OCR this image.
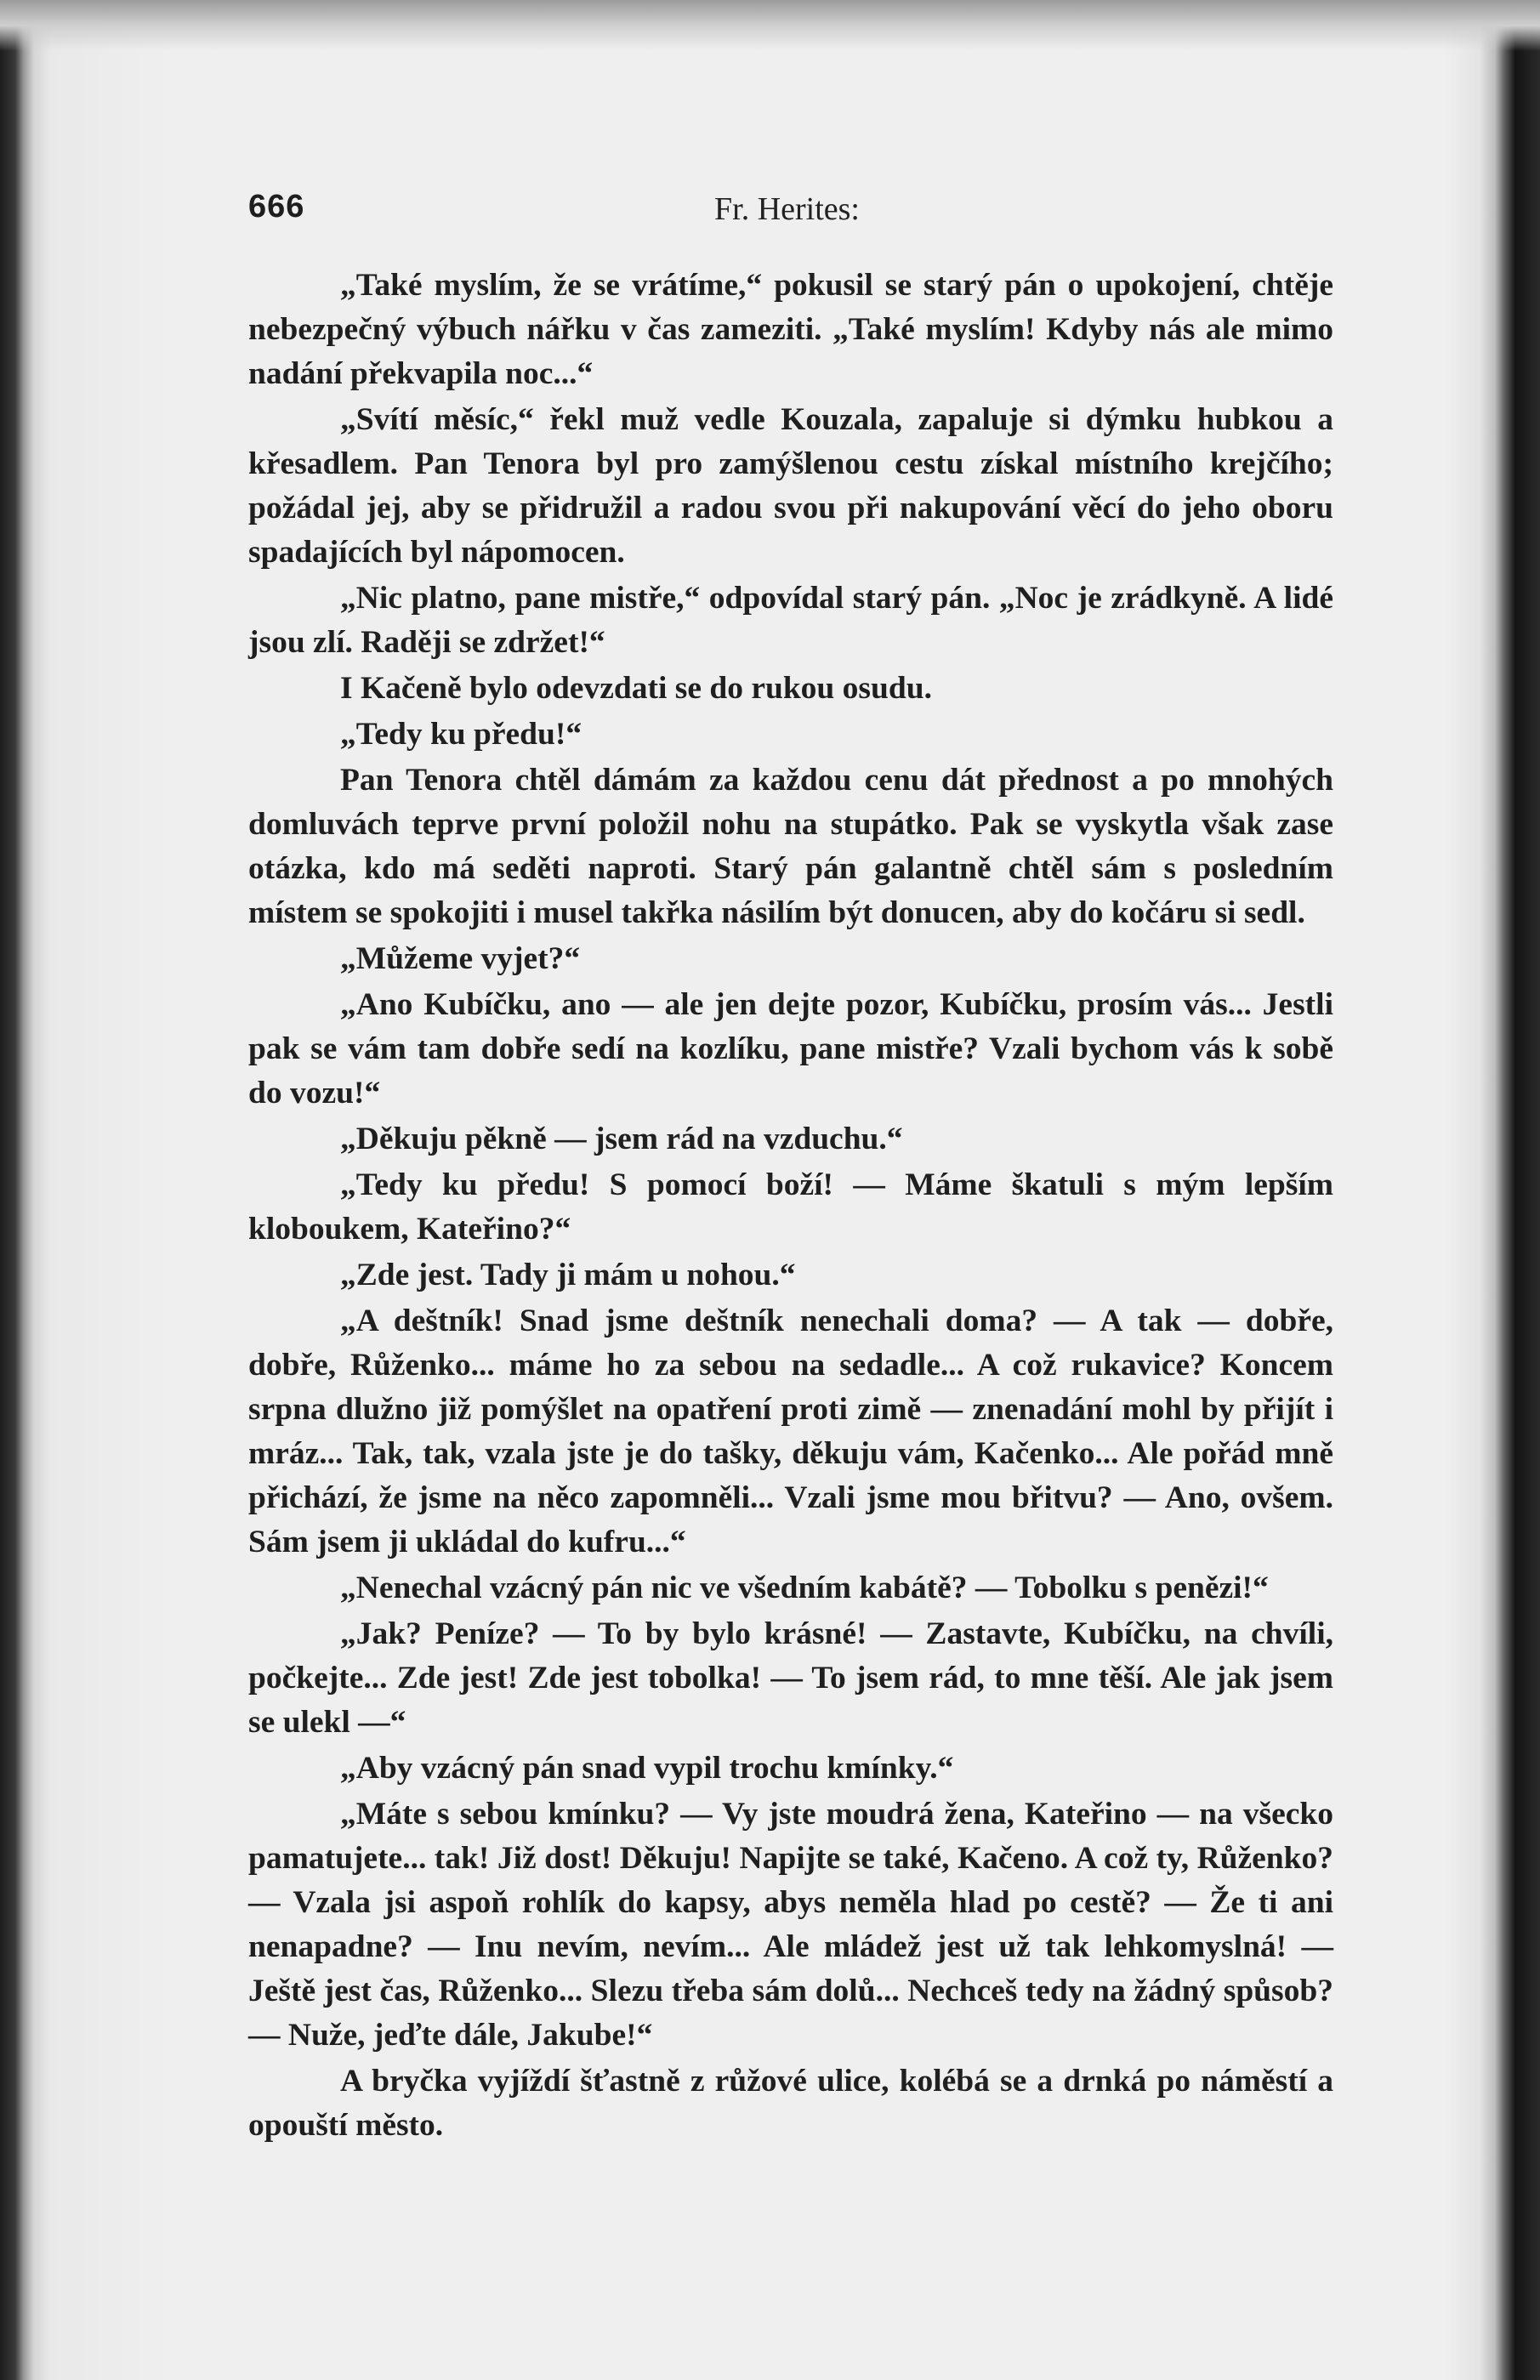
666	Fr. Herites:

„Také myslím, že se vrátíme,“ pokusil se starý pán o upokojení, chtěje nebezpečný výbuch nářku v čas zameziti. „Také myslím! Kdyby nás ale mimo nadání překvapila noc...“

„Svítí měsíc,“ řekl muž vedle Kouzala, zapaluje si dýmku hubkou a křesadlem. Pan Tenora byl pro zamýšlenou cestu získal místního krejčího; požádal jej, aby se přidružil a radou svou při nakupování věcí do jeho oboru spadajících byl nápomocen.

„Nic platno, pane mistře,“ odpovídal starý pán. „Noc je zrádkyně. A lidé jsou zlí. Raději se zdržet!“

I Kačeně bylo odevzdati se do rukou osudu.

„Tedy ku předu!“

Pan Tenora chtěl dámám za každou cenu dát přednost a po mnohých domluvách teprve první položil nohu na stupátko. Pak se vyskytla však zase otázka, kdo má seděti naproti. Starý pán galantně chtěl sám s posledním místem se spokojiti i musel takřka násilím být donucen, aby do kočáru si sedl.

„Můžeme vyjet?“

„Ano Kubíčku, ano — ale jen dejte pozor, Kubíčku, prosím vás... Jestli pak se vám tam dobře sedí na kozlíku, pane mistře? Vzali bychom vás k sobě do vozu!“

„Děkuju pěkně — jsem rád na vzduchu.“

„Tedy ku předu! S pomocí boží! — Máme škatuli s mým lepším kloboukem, Kateřino?“

„Zde jest. Tady ji mám u nohou.“

„A deštník! Snad jsme deštník nenechali doma? — A tak — dobře, dobře, Růženko... máme ho za sebou na sedadle... A což rukavice? Koncem srpna dlužno již pomýšlet na opatření proti zimě — znenadání mohl by přijít i mráz... Tak, tak, vzala jste je do tašky, děkuju vám, Kačenko... Ale pořád mně přichází, že jsme na něco zapomněli... Vzali jsme mou břitvu? — Ano, ovšem. Sám jsem ji ukládal do kufru...“

„Nenechal vzácný pán nic ve všedním kabátě? — Tobolku s penězi!“

„Jak? Peníze? — To by bylo krásné! — Zastavte, Kubíčku, na chvíli, počkejte... Zde jest! Zde jest tobolka! — To jsem rád, to mne těší. Ale jak jsem se ulekl —“

„Aby vzácný pán snad vypil trochu kmínky.“

„Máte s sebou kmínku? — Vy jste moudrá žena, Kateřino — na všecko pamatujete... tak! Již dost! Děkuju! Napijte se také, Kačeno. A což ty, Růženko? — Vzala jsi aspoň rohlík do kapsy, abys neměla hlad po cestě? — Že ti ani nenapadne? — Inu nevím, nevím... Ale mládež jest už tak lehkomyslná! — Ještě jest čas, Růženko... Slezu třeba sám dolů... Nechceš tedy na žádný spůsob? — Nuže, jeďte dále, Jakube!“

A bryčka vyjíždí šťastně z růžové ulice, kolébá se a drnká po náměstí a opouští město.
